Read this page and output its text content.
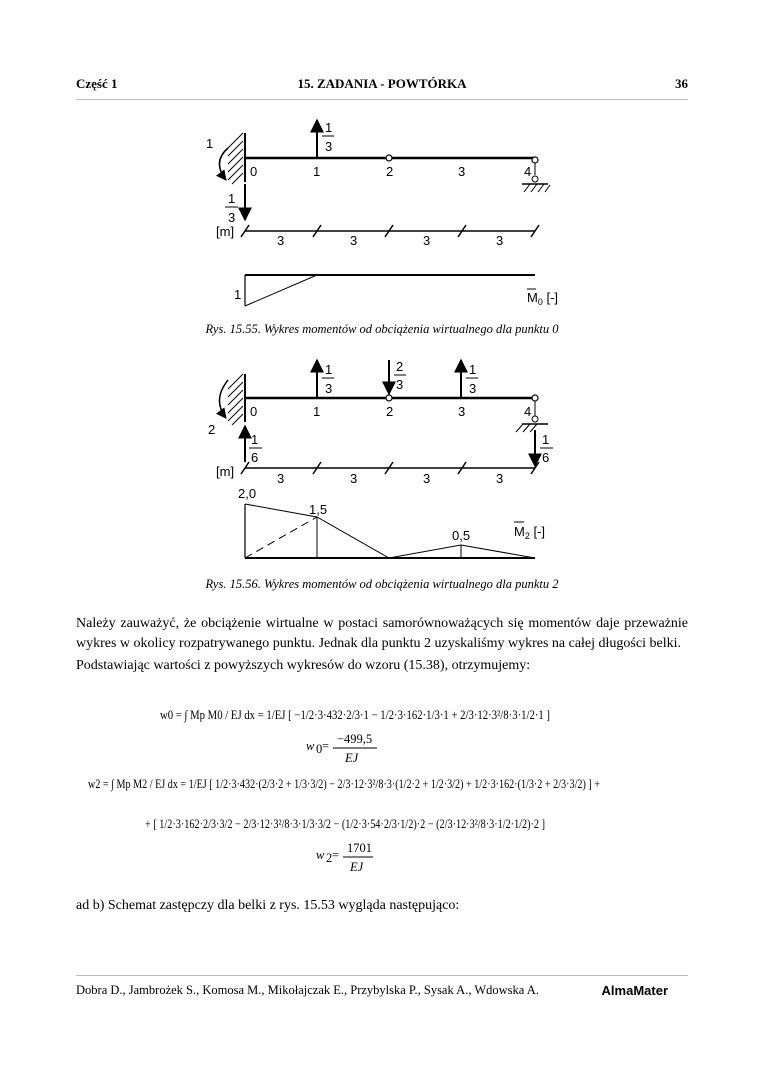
Część 1	15. ZADANIA - POWTÓRKA	36
1
1
3
1
3
0	1	2	3	4
[m]
3	3	3	3
1	$M_0$ [-]
Rys. 15.55. Wykres momentów od obciążenia wirtualnego dla punktu 0
2
1
3
2
3
1
3
1
6
1
6
0	1	2	3	4
[m]	3	3	3	3
2,0
1,5
0,5	$M_2$ [-]
Rys. 15.56. Wykres momentów od obciążenia wirtualnego dla punktu 2
Należy zauważyć, że obciążenie wirtualne w postaci samorównoważących się momentów daje przeważnie wykres w okolicy rozpatrywanego punktu. Jednak dla punktu 2 uzyskaliśmy wykres na całej długości belki.
Podstawiając wartości z powyższych wykresów do wzoru (15.38), otrzymujemy:
w0 = ∫ Mp M0 / EJ dx = 1/EJ [ −1/2·3·432·2/3·1 − 1/2·3·162·1/3·1 + 2/3·12·3²/8·3·1/2·1 ]
−499,5
EJ
w 0 =
w2 = ∫ Mp M2 / EJ dx = 1/EJ [ 1/2·3·432·(2/3·2 + 1/3·3/2) − 2/3·12·3²/8·3·(1/2·2 + 1/2·3/2) + 1/2·3·162·(1/3·2 + 2/3·3/2) ] +
+ [ 1/2·3·162·2/3·3/2 − 2/3·12·3²/8·3·1/3·3/2 − (1/2·3·54·2/3·1/2)·2 − (2/3·12·3²/8·3·1/2·1/2)·2 ]
w 2 = 1701
EJ
ad b) Schemat zastępczy dla belki z rys. 15.53 wygląda następująco:
Dobra D., Jambrożek S., Komosa M., Mikołajczak E., Przybylska P., Sysak A., Wdowska A.	AlmaMater
